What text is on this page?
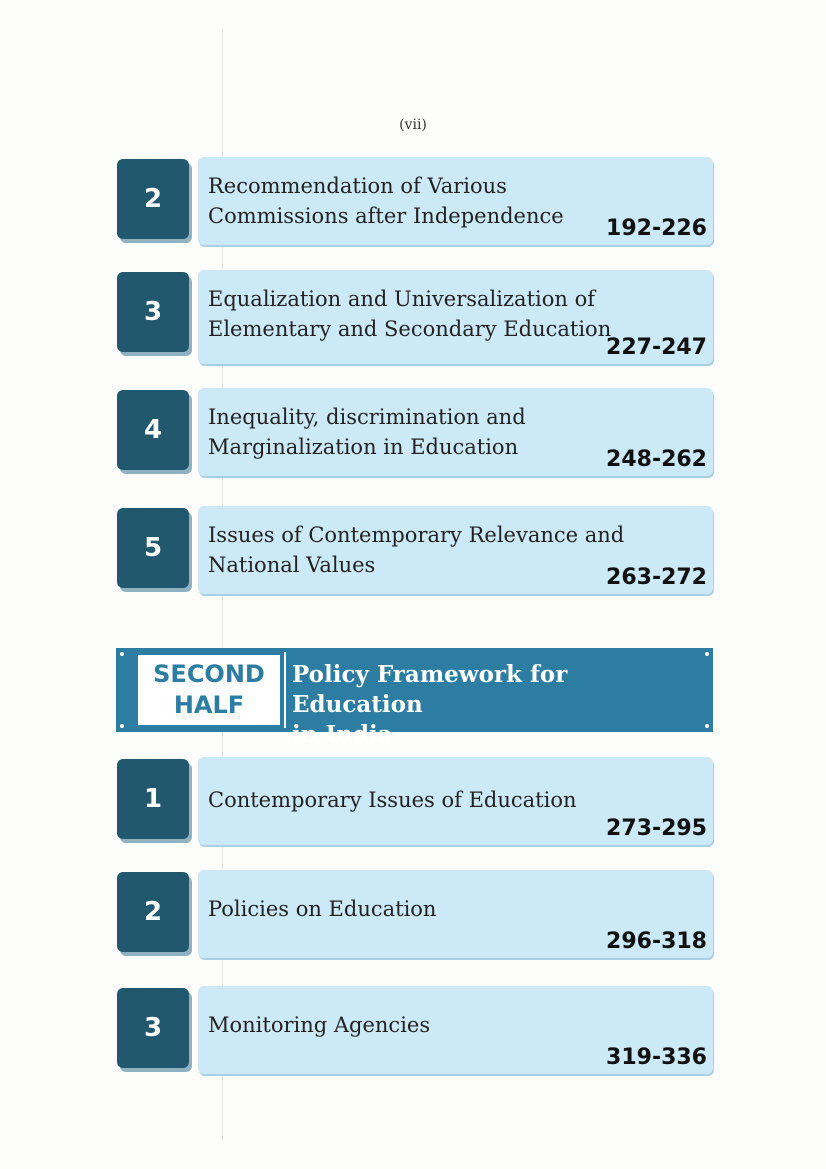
(vii)
2	Recommendation of Various
Commissions after Independence	192-226
3	Equalization and Universalization of
Elementary and Secondary Education
227-247
4	Inequality, discrimination and
Marginalization in Education	248-262
5	Issues of Contemporary Relevance and
National Values	263-272
SECOND
HALF
Policy Framework for Education
in India
1	Contemporary Issues of Education
273-295
2	Policies on Education
296-318
3	Monitoring Agencies
319-336
